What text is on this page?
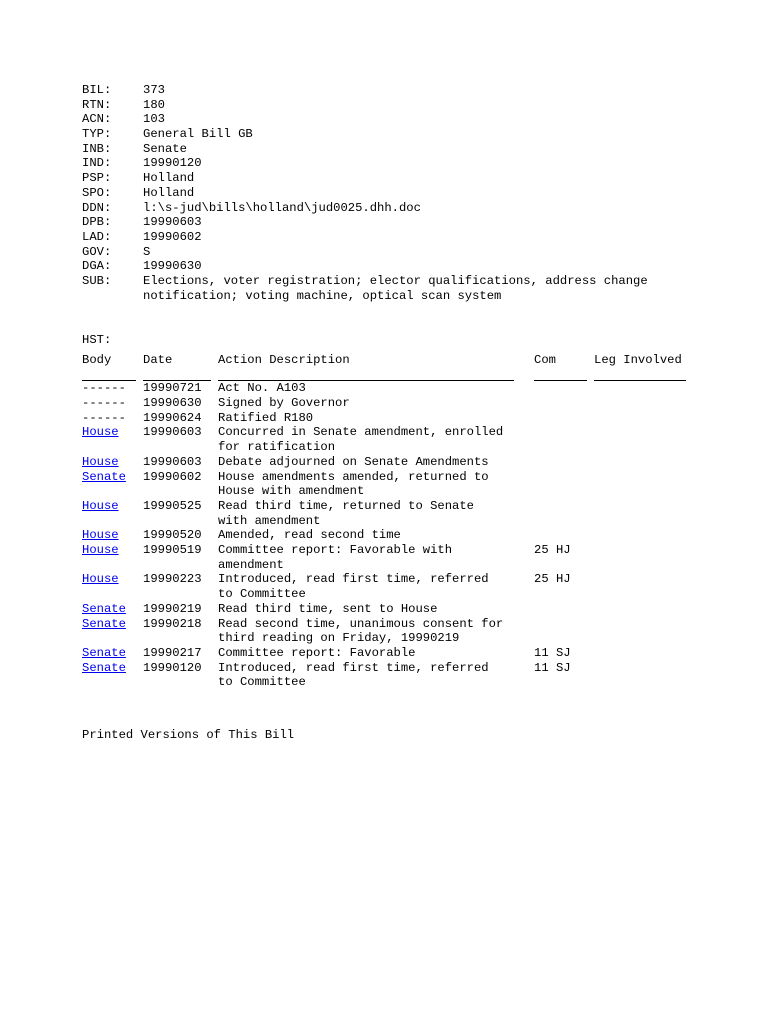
BIL:	373
RTN:	180
ACN:	103
TYP:	General Bill GB
INB:	Senate
IND:	19990120
PSP:	Holland
SPO:	Holland
DDN:	l:\s-jud\bills\holland\jud0025.dhh.doc
DPB:	19990603
LAD:	19990602
GOV:	S
DGA:	19990630
SUB:	Elections, voter registration; elector qualifications, address change notification; voting machine, optical scan system
HST:
Body	Date	Action Description	Com	Leg Involved

------	19990721	Act No. A103		

------	19990630	Signed by Governor		

------	19990624	Ratified R180		

House	19990603	Concurred in Senate amendment, enrolled for ratification		

House	19990603	Debate adjourned on Senate Amendments		

Senate	19990602	House amendments amended, returned to House with amendment		

House	19990525	Read third time, returned to Senate with amendment		

House	19990520	Amended, read second time		

House	19990519	Committee report: Favorable with amendment	25 HJ	
House	19990223	Introduced, read first time, referred to Committee	25 HJ	
Senate	19990219	Read third time, sent to House		

Senate	19990218	Read second time, unanimous consent for third reading on Friday, 19990219		

Senate	19990217	Committee report: Favorable	11 SJ	
Senate	19990120	Introduced, read first time, referred to Committee	11 SJ	
Printed Versions of This Bill
